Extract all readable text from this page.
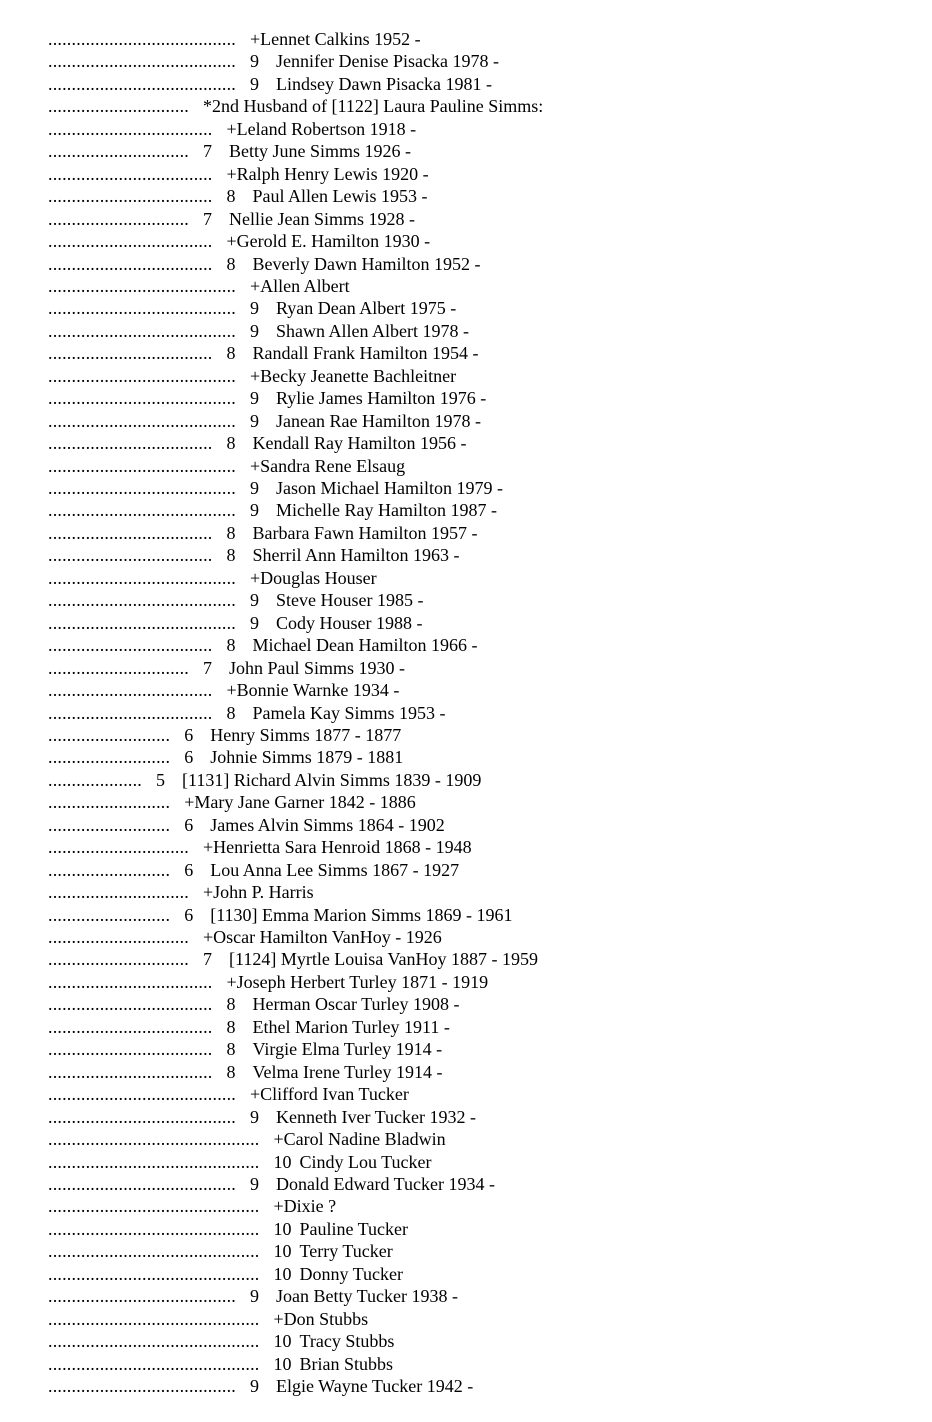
........................................ +Lennet Calkins 1952 -
........................................ 9 Jennifer Denise Pisacka 1978 -
........................................ 9 Lindsey Dawn Pisacka 1981 -
.............................. *2nd Husband of [1122] Laura Pauline Simms:
................................... +Leland Robertson 1918 -
.............................. 7 Betty June Simms 1926 -
................................... +Ralph Henry Lewis 1920 -
................................... 8 Paul Allen Lewis 1953 -
.............................. 7 Nellie Jean Simms 1928 -
................................... +Gerold E. Hamilton 1930 -
................................... 8 Beverly Dawn Hamilton 1952 -
........................................ +Allen Albert
........................................ 9 Ryan Dean Albert 1975 -
........................................ 9 Shawn Allen Albert 1978 -
................................... 8 Randall Frank Hamilton 1954 -
........................................ +Becky Jeanette Bachleitner
........................................ 9 Rylie James Hamilton 1976 -
........................................ 9 Janean Rae Hamilton 1978 -
................................... 8 Kendall Ray Hamilton 1956 -
........................................ +Sandra Rene Elsaug
........................................ 9 Jason Michael Hamilton 1979 -
........................................ 9 Michelle Ray Hamilton 1987 -
................................... 8 Barbara Fawn Hamilton 1957 -
................................... 8 Sherril Ann Hamilton 1963 -
........................................ +Douglas Houser
........................................ 9 Steve Houser 1985 -
........................................ 9 Cody Houser 1988 -
................................... 8 Michael Dean Hamilton 1966 -
.............................. 7 John Paul Simms 1930 -
................................... +Bonnie Warnke 1934 -
................................... 8 Pamela Kay Simms 1953 -
.......................... 6 Henry Simms 1877 - 1877
.......................... 6 Johnie Simms 1879 - 1881
.................... 5 [1131] Richard Alvin Simms 1839 - 1909
.......................... +Mary Jane Garner 1842 - 1886
.......................... 6 James Alvin Simms 1864 - 1902
.............................. +Henrietta Sara Henroid 1868 - 1948
.......................... 6 Lou Anna Lee Simms 1867 - 1927
.............................. +John P. Harris
.......................... 6 [1130] Emma Marion Simms 1869 - 1961
.............................. +Oscar Hamilton VanHoy - 1926
.............................. 7 [1124] Myrtle Louisa VanHoy 1887 - 1959
................................... +Joseph Herbert Turley 1871 - 1919
................................... 8 Herman Oscar Turley 1908 -
................................... 8 Ethel Marion Turley 1911 -
................................... 8 Virgie Elma Turley 1914 -
................................... 8 Velma Irene Turley 1914 -
........................................ +Clifford Ivan Tucker
........................................ 9 Kenneth Iver Tucker 1932 -
............................................. +Carol Nadine Bladwin
............................................. 10 Cindy Lou Tucker
........................................ 9 Donald Edward Tucker 1934 -
............................................. +Dixie ?
............................................. 10 Pauline Tucker
............................................. 10 Terry Tucker
............................................. 10 Donny Tucker
........................................ 9 Joan Betty Tucker 1938 -
............................................. +Don Stubbs
............................................. 10 Tracy Stubbs
............................................. 10 Brian Stubbs
........................................ 9 Elgie Wayne Tucker 1942 -
